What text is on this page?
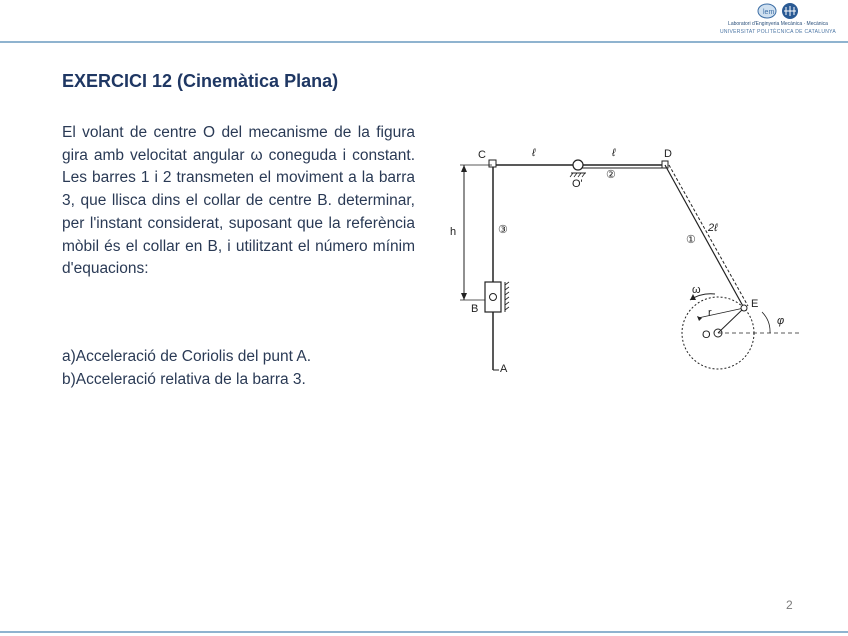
lem
Laboratori d'Enginyeria Mecànica · Mecànica
UNIVERSITAT POLITÈCNICA DE CATALUNYA
EXERCICI 12 (Cinemàtica Plana)
El volant de centre O del mecanisme de la figura gira amb velocitat angular ω coneguda i constant. Les barres 1 i 2 transmeten el moviment a la barra 3, que llisca dins el collar de centre B. determinar, per l'instant considerat, suposant que la referència mòbil és el collar en B, i utilitzant el número mínim d'equacions:
a)Acceleració de Coriolis del punt A.
b)Acceleració relativa de la barra 3.
C	D
O'
ℓ	ℓ
②
③
①
2ℓ
h
B
A
E
O
r
ω
φ
2
